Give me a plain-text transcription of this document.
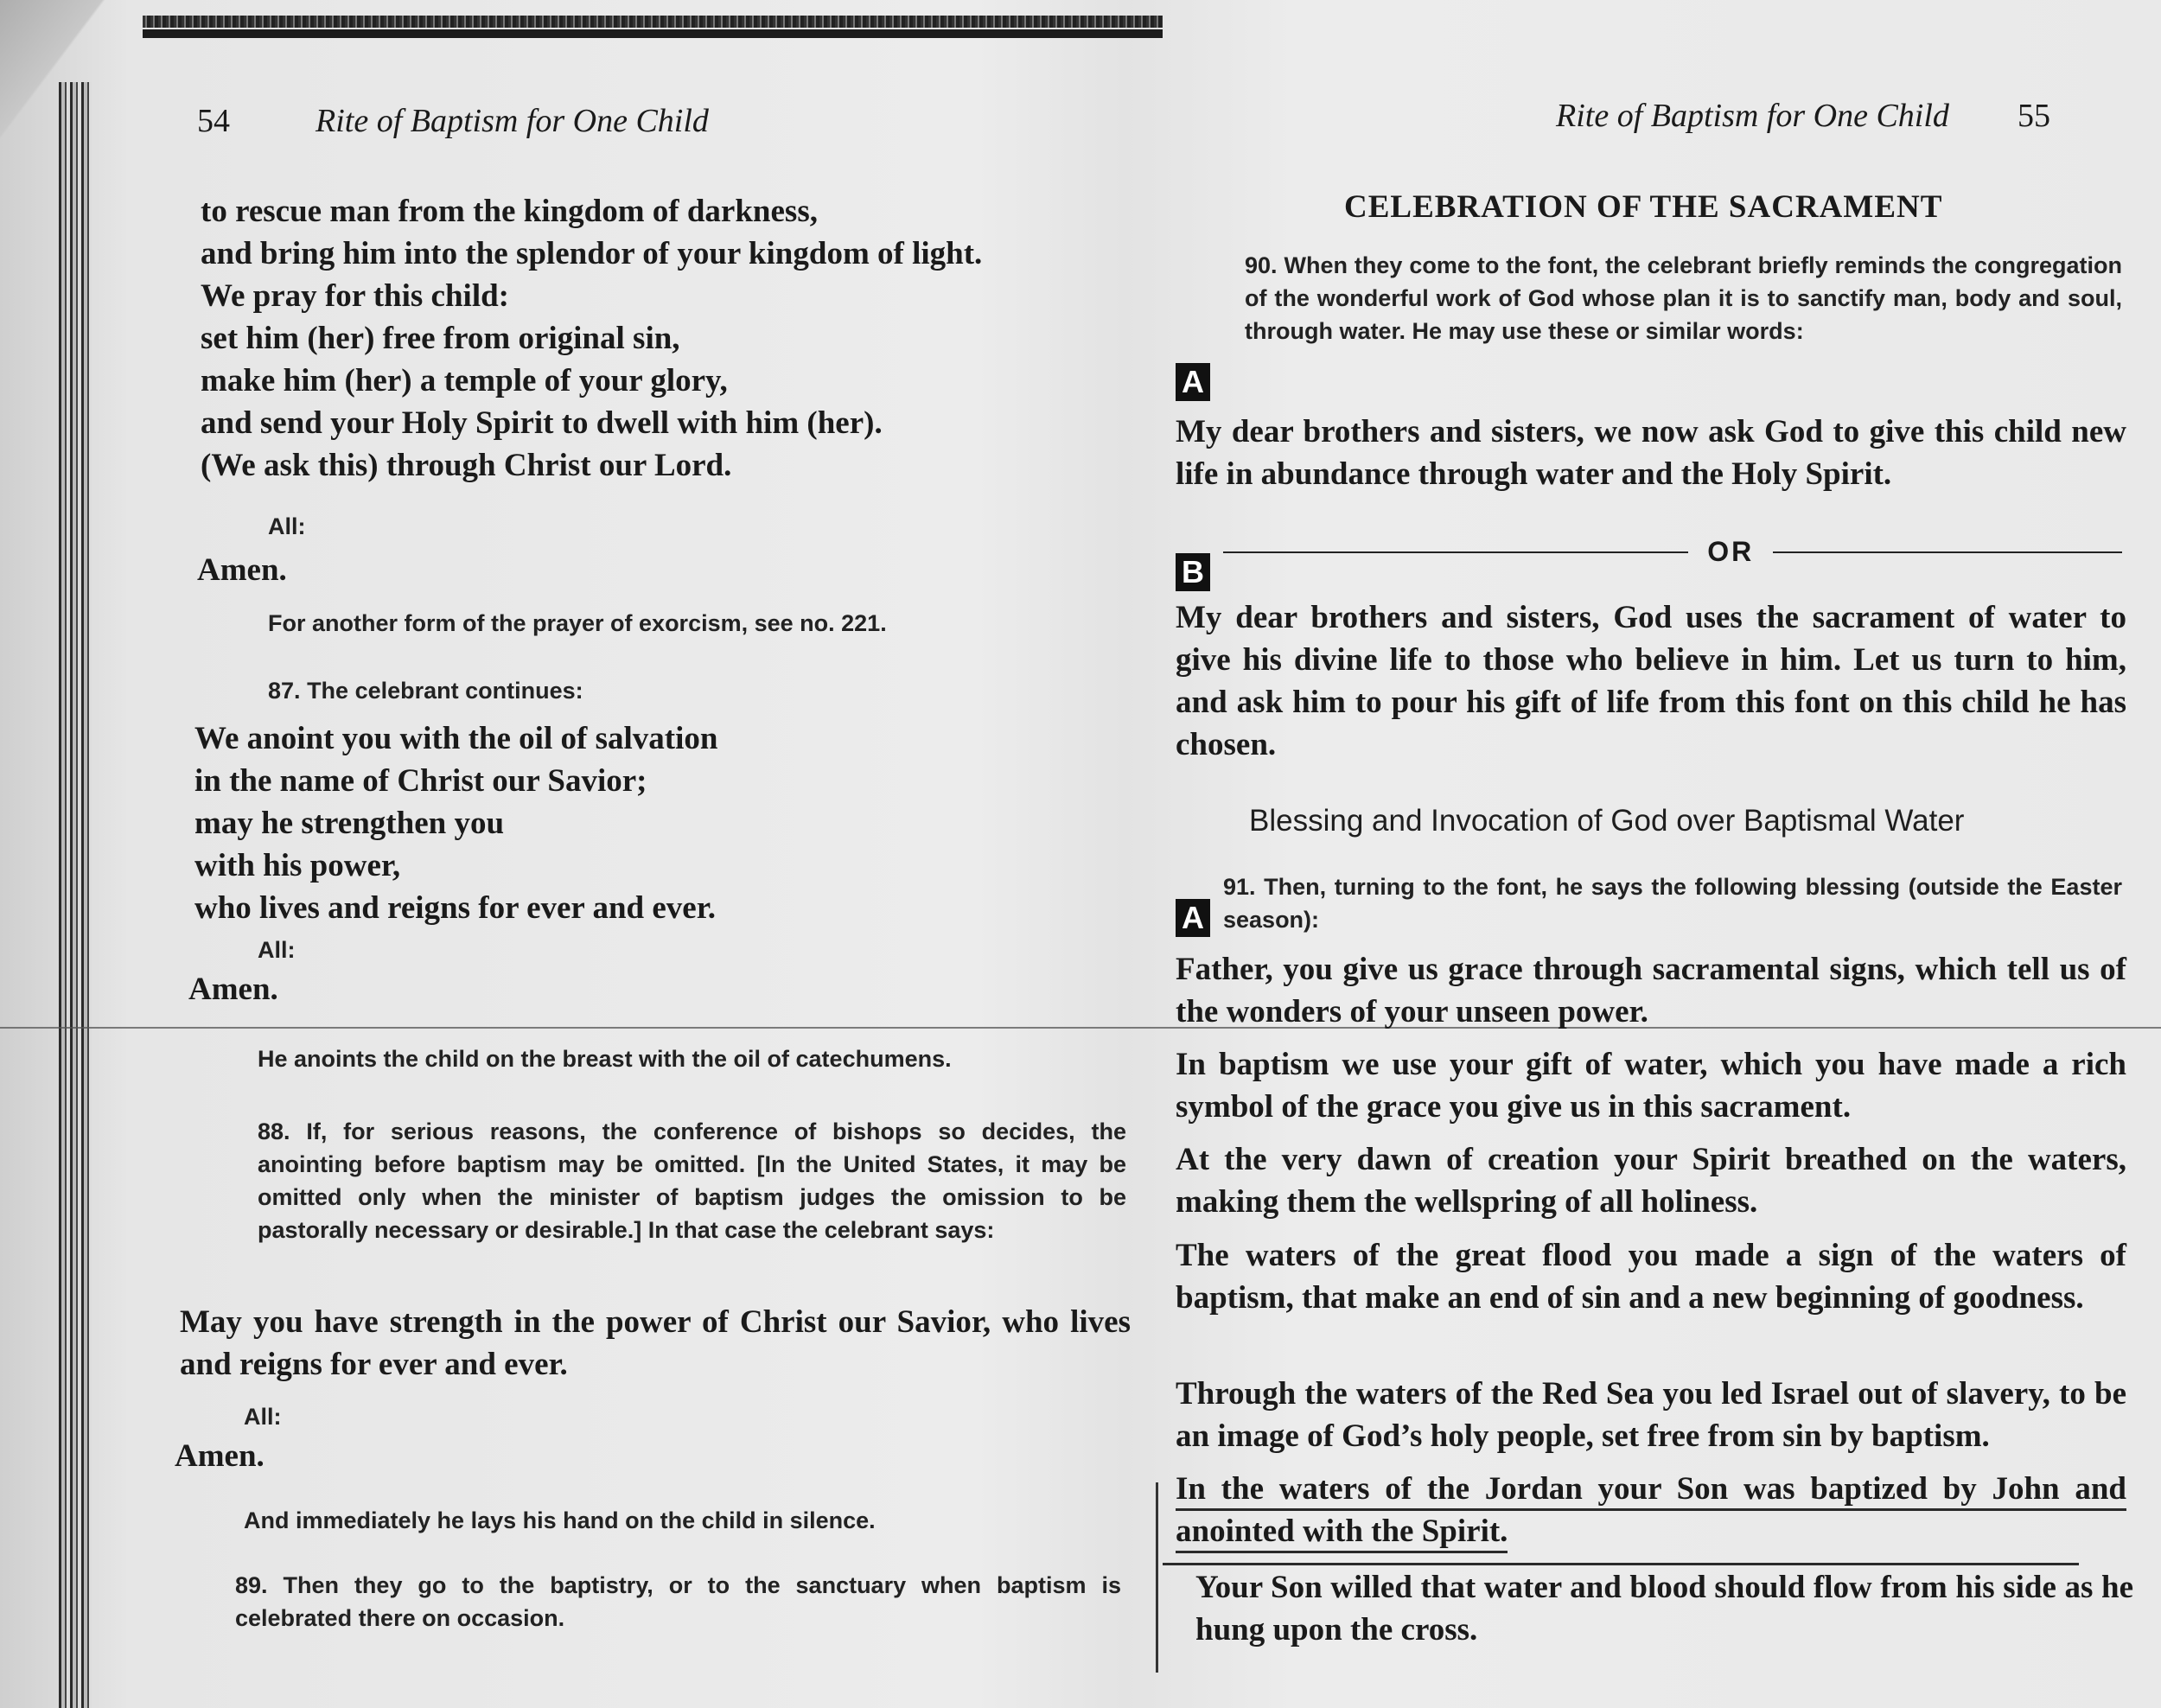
54	Rite of Baptism for One Child
to rescue man from the kingdom of darkness,
and bring him into the splendor of your kingdom of light.
We pray for this child:
set him (her) free from original sin,
make him (her) a temple of your glory,
and send your Holy Spirit to dwell with him (her).
(We ask this) through Christ our Lord.
All:
Amen.
For another form of the prayer of exorcism, see no. 221.
87. The celebrant continues:
We anoint you with the oil of salvation
in the name of Christ our Savior;
may he strengthen you
with his power,
who lives and reigns for ever and ever.
All:
Amen.
He anoints the child on the breast with the oil of catechumens.
88. If, for serious reasons, the conference of bishops so decides, the anointing before baptism may be omitted. [In the United States, it may be omitted only when the minister of baptism judges the omission to be pastorally necessary or desirable.] In that case the celebrant says:
May you have strength in the power of Christ our Savior, who lives and reigns for ever and ever.
All:
Amen.
And immediately he lays his hand on the child in silence.
89. Then they go to the baptistry, or to the sanctuary when baptism is celebrated there on occasion.
Rite of Baptism for One Child 55
CELEBRATION OF THE SACRAMENT
90. When they come to the font, the celebrant briefly reminds the congregation of the wonderful work of God whose plan it is to sanctify man, body and soul, through water. He may use these or similar words:
A
My dear brothers and sisters, we now ask God to give this child new life in abundance through water and the Holy Spirit.
OR
B
My dear brothers and sisters, God uses the sacrament of water to give his divine life to those who believe in him. Let us turn to him, and ask him to pour his gift of life from this font on this child he has chosen.
Blessing and Invocation of God over Baptismal Water
A
91. Then, turning to the font, he says the following blessing (outside the Easter season):
Father, you give us grace through sacramental signs, which tell us of the wonders of your unseen power.
In baptism we use your gift of water, which you have made a rich symbol of the grace you give us in this sacrament.
At the very dawn of creation your Spirit breathed on the waters, making them the wellspring of all holiness.
The waters of the great flood you made a sign of the waters of baptism, that make an end of sin and a new beginning of goodness.
Through the waters of the Red Sea you led Israel out of slavery, to be an image of God’s holy people, set free from sin by baptism.
In the waters of the Jordan your Son was baptized by John and anointed with the Spirit.
Your Son willed that water and blood should flow from his side as he hung upon the cross.
